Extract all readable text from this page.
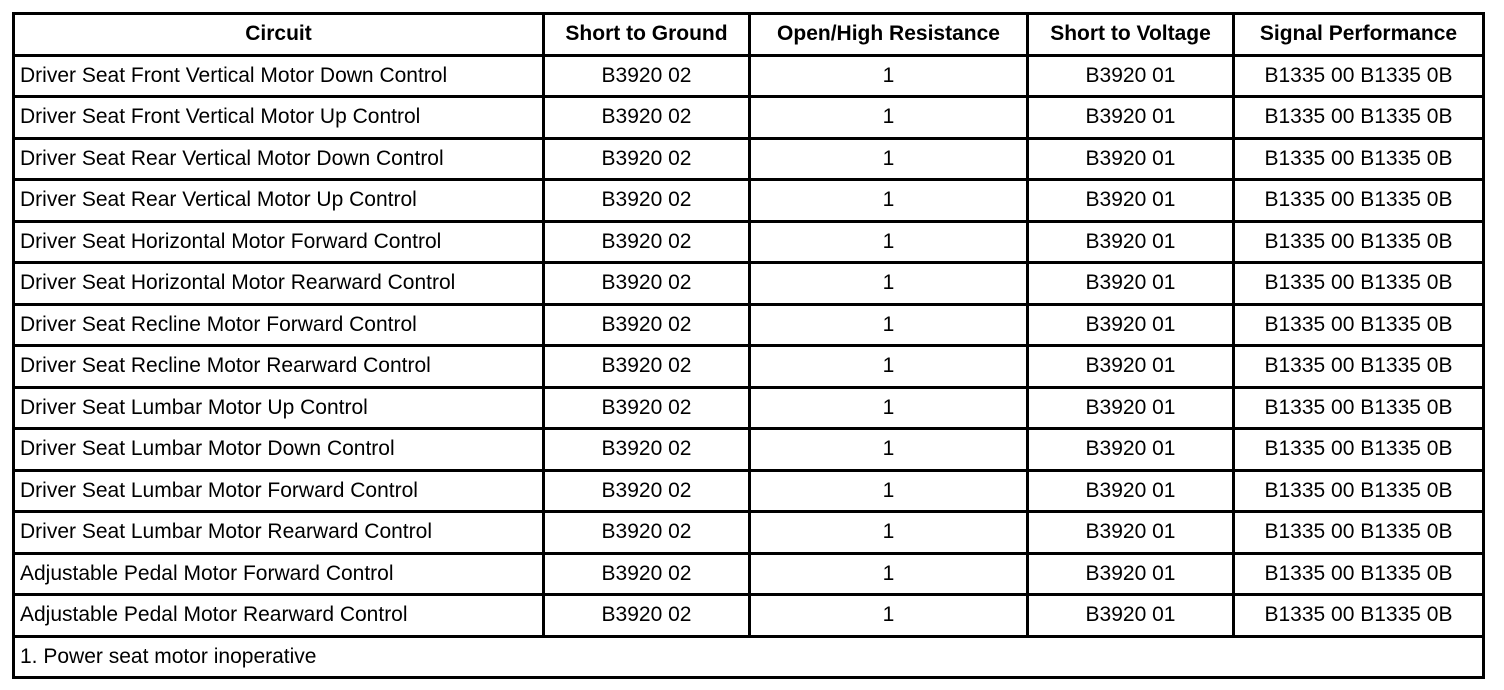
Circuit	Short to Ground	Open/High Resistance	Short to Voltage	Signal Performance
Driver Seat Front Vertical Motor Down Control	B3920 02	1	B3920 01	B1335 00 B1335 0B
Driver Seat Front Vertical Motor Up Control	B3920 02	1	B3920 01	B1335 00 B1335 0B
Driver Seat Rear Vertical Motor Down Control	B3920 02	1	B3920 01	B1335 00 B1335 0B
Driver Seat Rear Vertical Motor Up Control	B3920 02	1	B3920 01	B1335 00 B1335 0B
Driver Seat Horizontal Motor Forward Control	B3920 02	1	B3920 01	B1335 00 B1335 0B
Driver Seat Horizontal Motor Rearward Control	B3920 02	1	B3920 01	B1335 00 B1335 0B
Driver Seat Recline Motor Forward Control	B3920 02	1	B3920 01	B1335 00 B1335 0B
Driver Seat Recline Motor Rearward Control	B3920 02	1	B3920 01	B1335 00 B1335 0B
Driver Seat Lumbar Motor Up Control	B3920 02	1	B3920 01	B1335 00 B1335 0B
Driver Seat Lumbar Motor Down Control	B3920 02	1	B3920 01	B1335 00 B1335 0B
Driver Seat Lumbar Motor Forward Control	B3920 02	1	B3920 01	B1335 00 B1335 0B
Driver Seat Lumbar Motor Rearward Control	B3920 02	1	B3920 01	B1335 00 B1335 0B
Adjustable Pedal Motor Forward Control	B3920 02	1	B3920 01	B1335 00 B1335 0B
Adjustable Pedal Motor Rearward Control	B3920 02	1	B3920 01	B1335 00 B1335 0B
1. Power seat motor inoperative				
